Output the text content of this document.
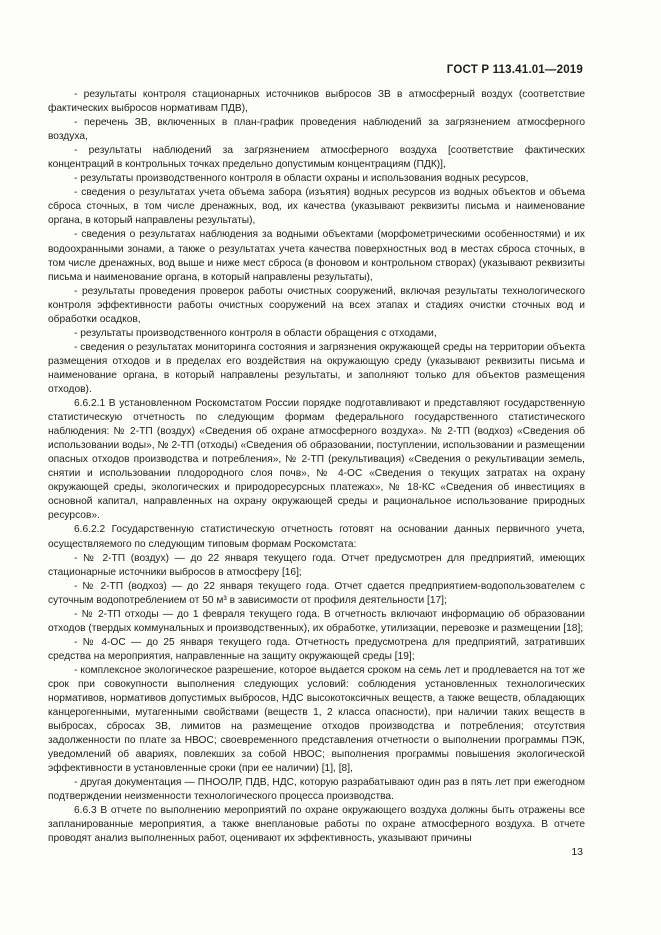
ГОСТ Р 113.41.01—2019

- результаты контроля стационарных источников выбросов ЗВ в атмосферный воздух (соответствие фактических выбросов нормативам ПДВ),

- перечень ЗВ, включенных в план-график проведения наблюдений за загрязнением атмосферного воздуха,

- результаты наблюдений за загрязнением атмосферного воздуха [соответствие фактических концентраций в контрольных точках предельно допустимым концентрациям (ПДК)],

- результаты производственного контроля в области охраны и использования водных ресурсов,

- сведения о результатах учета объема забора (изъятия) водных ресурсов из водных объектов и объема сброса сточных, в том числе дренажных, вод, их качества (указывают реквизиты письма и наименование органа, в который направлены результаты),

- сведения о результатах наблюдения за водными объектами (морфометрическими особенностями) и их водоохранными зонами, а также о результатах учета качества поверхностных вод в местах сброса сточных, в том числе дренажных, вод выше и ниже мест сброса (в фоновом и контрольном створах) (указывают реквизиты письма и наименование органа, в который направлены результаты),

- результаты проведения проверок работы очистных сооружений, включая результаты технологического контроля эффективности работы очистных сооружений на всех этапах и стадиях очистки сточных вод и обработки осадков,

- результаты производственного контроля в области обращения с отходами,

- сведения о результатах мониторинга состояния и загрязнения окружающей среды на территории объекта размещения отходов и в пределах его воздействия на окружающую среду (указывают реквизиты письма и наименование органа, в который направлены результаты, и заполняют только для объектов размещения отходов).

6.6.2.1 В установленном Роскомстатом России порядке подготавливают и представляют государственную статистическую отчетность по следующим формам федерального государственного статистического наблюдения: № 2-ТП (воздух) «Сведения об охране атмосферного воздуха». № 2-ТП (водхоз) «Сведения об использовании воды», № 2-ТП (отходы) «Сведения об образовании, поступлении, использовании и размещении опасных отходов производства и потребления», № 2-ТП (рекультивация) «Сведения о рекультивации земель, снятии и использовании плодородного слоя почв», № 4-ОС «Сведения о текущих затратах на охрану окружающей среды, экологических и природоресурсных платежах», № 18-КС «Сведения об инвестициях в основной капитал, направленных на охрану окружающей среды и рациональное использование природных ресурсов».

6.6.2.2 Государственную статистическую отчетность готовят на основании данных первичного учета, осуществляемого по следующим типовым формам Роскомстата:

- № 2-ТП (воздух) — до 22 января текущего года. Отчет предусмотрен для предприятий, имеющих стационарные источники выбросов в атмосферу [16];

- № 2-ТП (водхоз) — до 22 января текущего года. Отчет сдается предприятием-водопользователем с суточным водопотреблением от 50 м³ в зависимости от профиля деятельности [17];

- № 2-ТП отходы — до 1 февраля текущего года. В отчетность включают информацию об образовании отходов (твердых коммунальных и производственных), их обработке, утилизации, перевозке и размещении [18];

- № 4-ОС — до 25 января текущего года. Отчетность предусмотрена для предприятий, затративших средства на мероприятия, направленные на защиту окружающей среды [19];

- комплексное экологическое разрешение, которое выдается сроком на семь лет и продлевается на тот же срок при совокупности выполнения следующих условий: соблюдения установленных технологических нормативов, нормативов допустимых выбросов, НДС высокотоксичных веществ, а также веществ, обладающих канцерогенными, мутагенными свойствами (веществ 1, 2 класса опасности), при наличии таких веществ в выбросах, сбросах ЗВ, лимитов на размещение отходов производства и потребления; отсутствия задолженности по плате за НВОС; своевременного представления отчетности о выполнении программы ПЭК, уведомлений об авариях, повлекших за собой НВОС; выполнения программы повышения экологической эффективности в установленные сроки (при ее наличии) [1], [8],

- другая документация — ПНООЛР, ПДВ, НДС, которую разрабатывают один раз в пять лет при ежегодном подтверждении неизменности технологического процесса производства.

6.6.3 В отчете по выполнению мероприятий по охране окружающего воздуха должны быть отражены все запланированные мероприятия, а также внеплановые работы по охране атмосферного воздуха. В отчете проводят анализ выполненных работ, оценивают их эффективность, указывают причины

13
